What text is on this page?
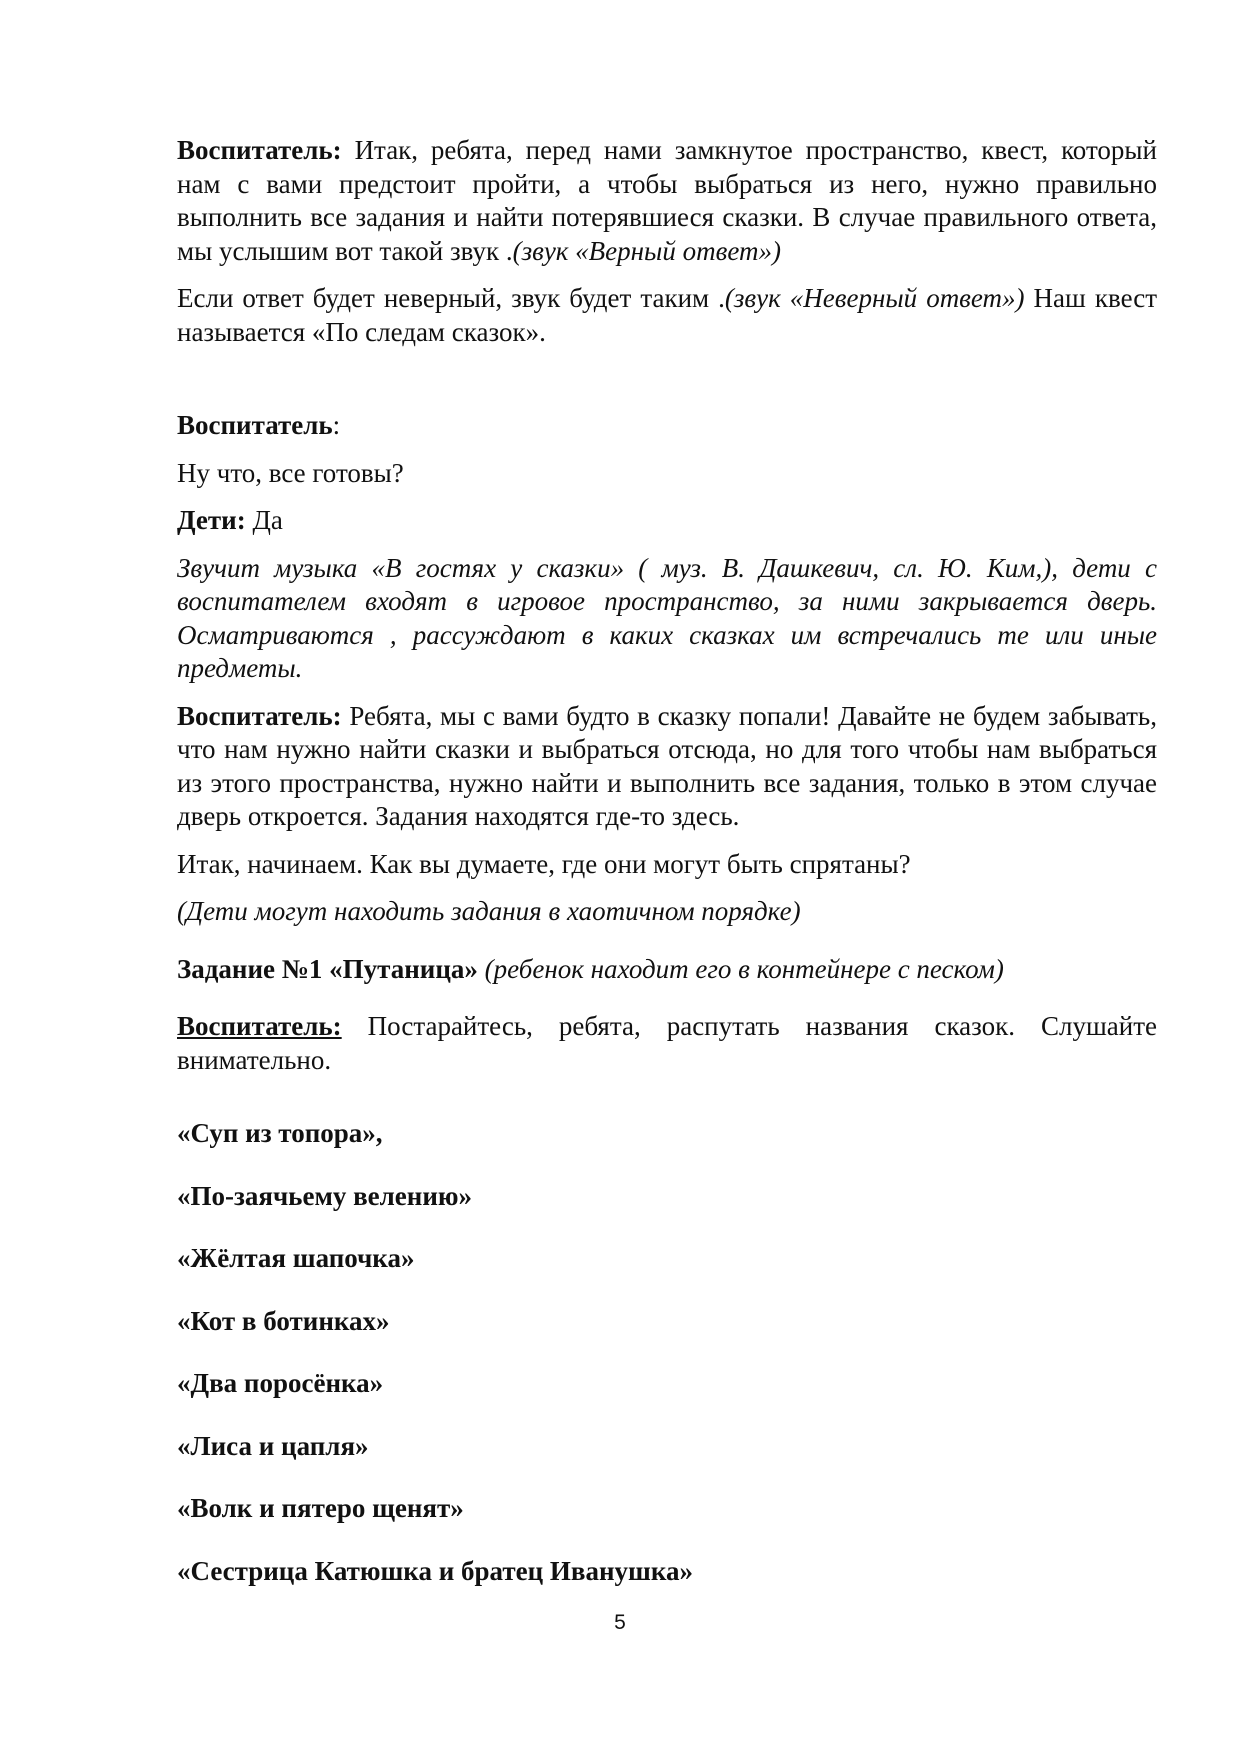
Воспитатель: Итак, ребята, перед нами замкнутое пространство, квест, который нам с вами предстоит пройти, а чтобы выбраться из него, нужно правильно выполнить все задания и найти потерявшиеся сказки. В случае правильного ответа, мы услышим вот такой звук .(звук «Верный ответ»)

Если ответ будет неверный, звук будет таким .(звук «Неверный ответ») Наш квест называется «По следам сказок».

Воспитатель:

Ну что, все готовы?

Дети: Да

Звучит музыка «В гостях у сказки» ( муз. В. Дашкевич, сл. Ю. Ким,), дети с воспитателем входят в игровое пространство, за ними закрывается дверь. Осматриваются , рассуждают в каких сказках им встречались те или иные предметы.

Воспитатель: Ребята, мы с вами будто в сказку попали! Давайте не будем забывать, что нам нужно найти сказки и выбраться отсюда, но для того чтобы нам выбраться из этого пространства, нужно найти и выполнить все задания, только в этом случае дверь откроется. Задания находятся где-то здесь.

Итак, начинаем. Как вы думаете, где они могут быть спрятаны?

(Дети могут находить задания в хаотичном порядке)

Задание №1 «Путаница» (ребенок находит его в контейнере с песком)

Воспитатель: Постарайтесь, ребята, распутать названия сказок. Слушайте внимательно.

«Суп из топора»,

«По-заячьему велению»

«Жёлтая шапочка»

«Кот в ботинках»

«Два поросёнка»

«Лиса и цапля»

«Волк и пятеро щенят»

«Сестрица Катюшка и братец Иванушка»

5
